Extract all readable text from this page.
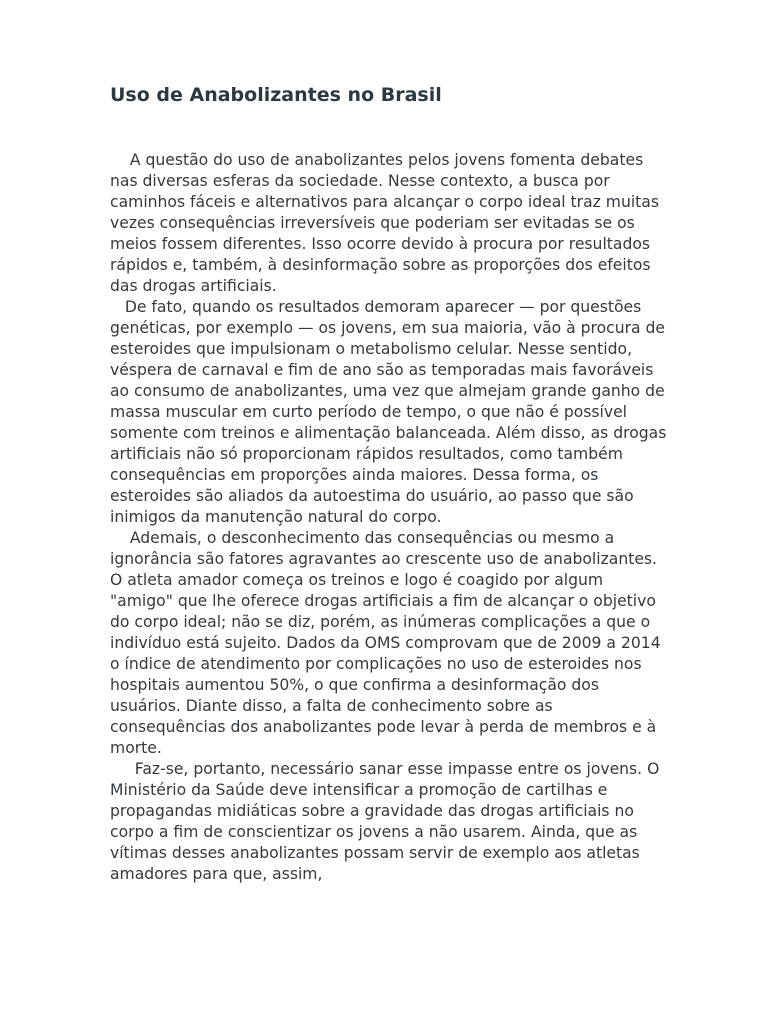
Uso de Anabolizantes no Brasil

A questão do uso de anabolizantes pelos jovens fomenta debates nas diversas esferas da sociedade. Nesse contexto, a busca por caminhos fáceis e alternativos para alcançar o corpo ideal traz muitas vezes consequências irreversíveis que poderiam ser evitadas se os meios fossem diferentes. Isso ocorre devido à procura por resultados rápidos e, também, à desinformação sobre as proporções dos efeitos das drogas artificiais.

De fato, quando os resultados demoram aparecer — por questões genéticas, por exemplo — os jovens, em sua maioria, vão à procura de esteroides que impulsionam o metabolismo celular. Nesse sentido, véspera de carnaval e fim de ano são as temporadas mais favoráveis ao consumo de anabolizantes, uma vez que almejam grande ganho de massa muscular em curto período de tempo, o que não é possível somente com treinos e alimentação balanceada. Além disso, as drogas artificiais não só proporcionam rápidos resultados, como também consequências em proporções ainda maiores. Dessa forma, os esteroides são aliados da autoestima do usuário, ao passo que são inimigos da manutenção natural do corpo.

Ademais, o desconhecimento das consequências ou mesmo a ignorância são fatores agravantes ao crescente uso de anabolizantes. O atleta amador começa os treinos e logo é coagido por algum "amigo" que lhe oferece drogas artificiais a fim de alcançar o objetivo do corpo ideal; não se diz, porém, as inúmeras complicações a que o indivíduo está sujeito. Dados da OMS comprovam que de 2009 a 2014 o índice de atendimento por complicações no uso de esteroides nos hospitais aumentou 50%, o que confirma a desinformação dos usuários. Diante disso, a falta de conhecimento sobre as consequências dos anabolizantes pode levar à perda de membros e à morte.

Faz-se, portanto, necessário sanar esse impasse entre os jovens. O Ministério da Saúde deve intensificar a promoção de cartilhas e propagandas midiáticas sobre a gravidade das drogas artificiais no corpo a fim de conscientizar os jovens a não usarem. Ainda, que as vítimas desses anabolizantes possam servir de exemplo aos atletas amadores para que, assim,
